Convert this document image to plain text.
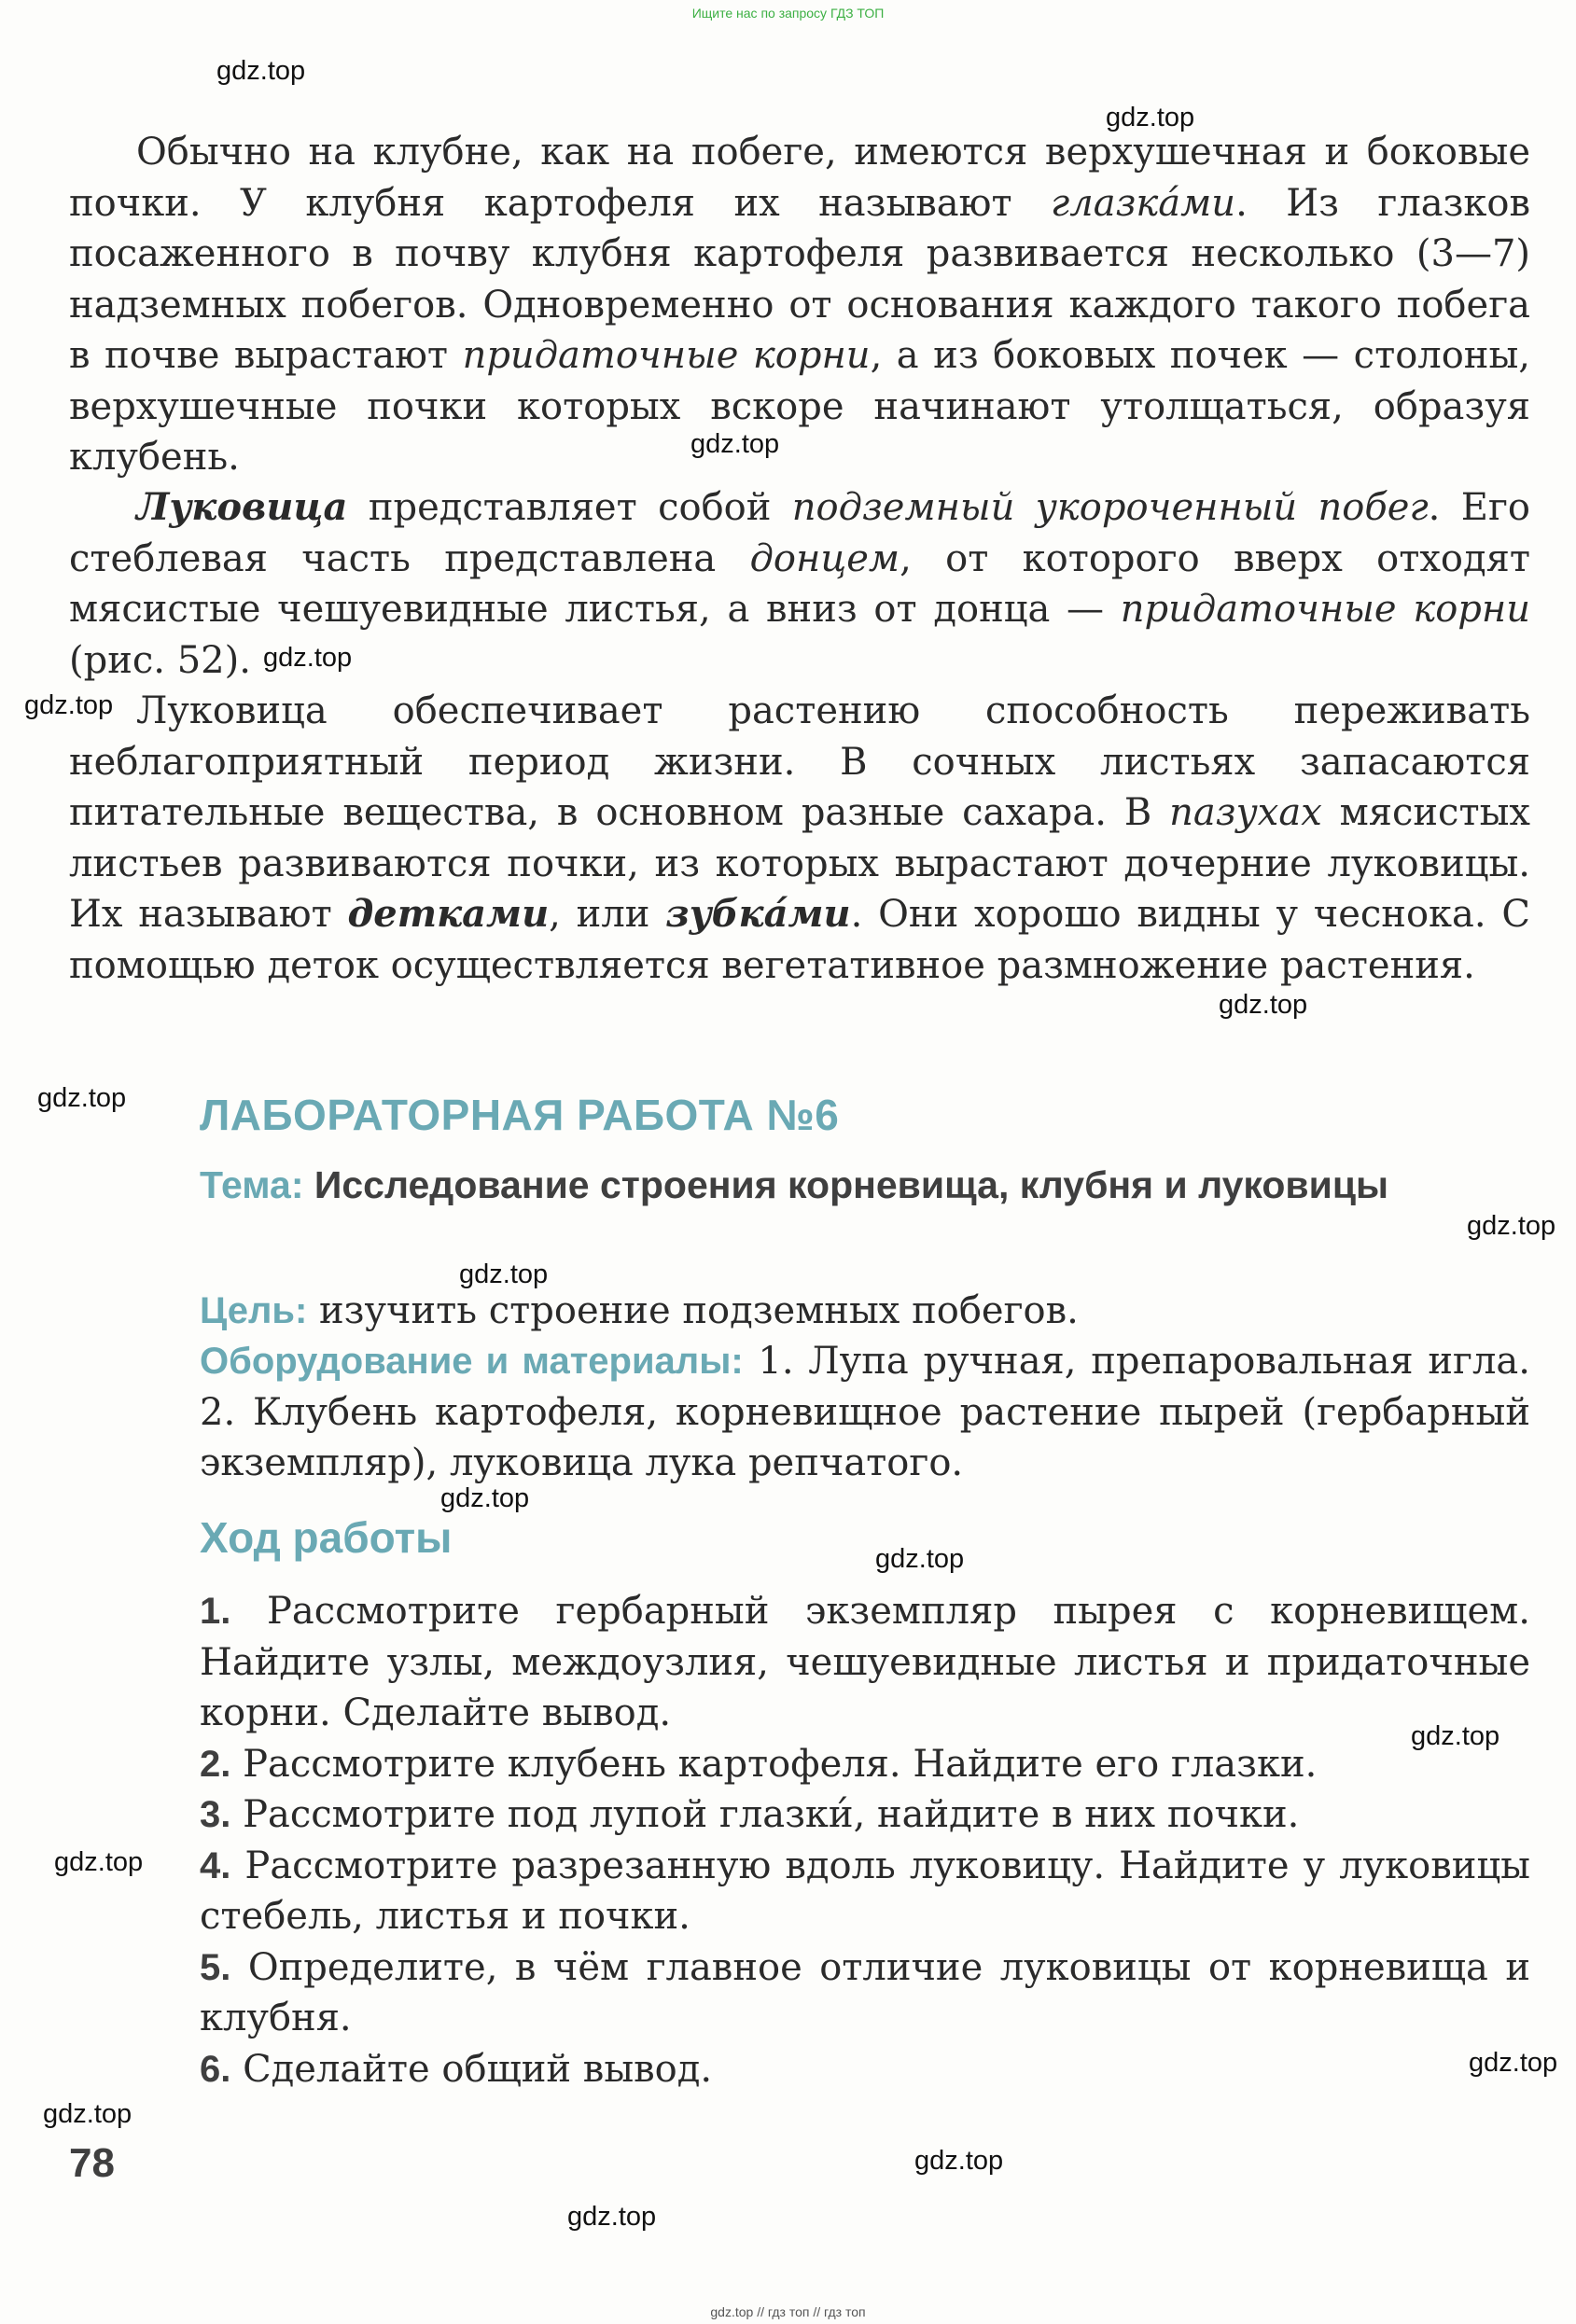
Ищите нас по запросу ГДЗ ТОП
gdz.top
gdz.top
gdz.top
gdz.top
gdz.top
gdz.top
gdz.top
gdz.top
gdz.top
gdz.top
gdz.top
gdz.top
gdz.top
gdz.top
gdz.top
gdz.top
gdz.top

Обычно на клубне, как на побеге, имеются верхушечная и боковые почки. У клубня картофеля их называют глазка́ми. Из глазков посаженного в почву клубня картофеля развивается несколько (3—7) надземных побегов. Одновременно от основания каждого такого побега в почве вырастают придаточные корни, а из боковых почек — столоны, верхушечные почки которых вскоре начинают утолщаться, образуя клубень.

Луковица представляет собой подземный укороченный побег. Его стеблевая часть представлена донцем, от которого вверх отходят мясистые чешуевидные листья, а вниз от донца — придаточные корни (рис. 52).

Луковица обеспечивает растению способность переживать неблагоприятный период жизни. В сочных листьях запасаются питательные вещества, в основном разные сахара. В пазухах мясистых листьев развиваются почки, из которых вырастают дочерние луковицы. Их называют детками, или зубка́ми. Они хорошо видны у чеснока. С помощью деток осуществляется вегетативное размножение растения.

ЛАБОРАТОРНАЯ РАБОТА №6
Тема: Исследование строения корневища, клубня и луковицы
Цель: изучить строение подземных побегов.
Оборудование и материалы: 1. Лупа ручная, препаровальная игла. 2. Клубень картофеля, корневищное растение пырей (гербарный экземпляр), луковица лука репчатого.
Ход работы
1. Рассмотрите гербарный экземпляр пырея с корневищем. Найдите узлы, междоузлия, чешуевидные листья и придаточные корни. Сделайте вывод.
2. Рассмотрите клубень картофеля. Найдите его глазки.
3. Рассмотрите под лупой глазки́, найдите в них почки.
4. Рассмотрите разрезанную вдоль луковицу. Найдите у луковицы стебель, листья и почки.
5. Определите, в чём главное отличие луковицы от корневища и клубня.
6. Сделайте общий вывод.
78
gdz.top // гдз топ // гдз топ
